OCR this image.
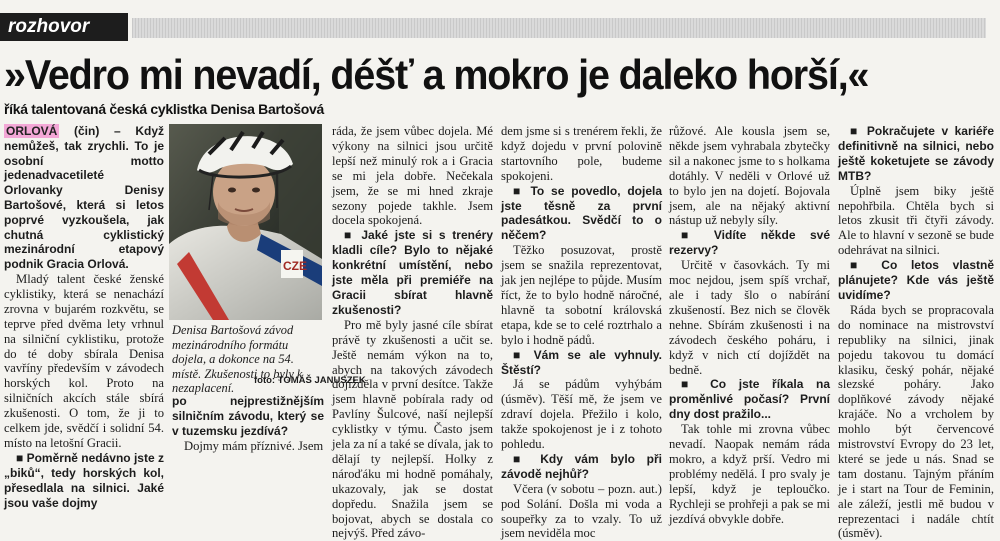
rozhovor
»Vedro mi nevadí, déšť a mokro je daleko horší,«
říká talentovaná česká cyklistka Denisa Bartošová

ORLOVÁ (čin) – Když nemůžeš, tak zrychli. To je osobní motto jedenadvacetileté Orlovanky Denisy Bartošové, která si letos poprvé vyzkoušela, jak chutná cyklistický mezinárodní etapový podnik Gracia Orlová.

Mladý talent české ženské cyklistiky, která se nenachází zrovna v bujarém rozkvětu, se teprve před dvěma lety vrhnul na silniční cyklistiku, protože do té doby sbírala Denisa vavříny především v závodech horských kol. Proto na silničních akcích stále sbírá zkušenosti. O tom, že ji to celkem jde, svědčí i solidní 54. místo na letošní Gracii.

■ Poměrně nedávno jste z „biků“, tedy horských kol, přesedlala na silnici. Jaké jsou vaše dojmy

CZE
Denisa Bartošová závod mezinárodního formátu dojela, a dokonce na 54. místě. Zkušenosti to byly k nezaplacení.
foto: TOMÁŠ JANUSZEK

po nejprestižnějším silničním závodu, který se v tuzemsku jezdívá?

Dojmy mám příznivé. Jsem

ráda, že jsem vůbec dojela. Mé výkony na silnici jsou určitě lepší než minulý rok a i Gracia se mi jela dobře. Nečekala jsem, že se mi hned zkraje sezony pojede takhle. Jsem docela spokojená.

■ Jaké jste si s trenéry kladli cíle? Bylo to nějaké konkrétní umístění, nebo jste měla při premiéře na Gracii sbírat hlavně zkušenosti?

Pro mě byly jasné cíle sbírat právě ty zkušenosti a učit se. Ještě nemám výkon na to, abych na takových závodech dojížděla v první desítce. Takže jsem hlavně pobírala rady od Pavlíny Šulcové, naší nejlepší cyklistky v týmu. Často jsem jela za ní a také se dívala, jak to dělají ty nejlepší. Holky z nároďáku mi hodně pomáhaly, ukazovaly, jak se dostat dopředu. Snažila jsem se bojovat, abych se dostala co nejvýš. Před závo-

dem jsme si s trenérem řekli, že když dojedu v první polovině startovního pole, budeme spokojeni.

■ To se povedlo, dojela jste těsně za první padesátkou. Svědčí to o něčem?

Těžko posuzovat, prostě jsem se snažila reprezentovat, jak jen nejlépe to půjde. Musím říct, že to bylo hodně náročné, hlavně ta sobotní královská etapa, kde se to celé roztrhalo a bylo i hodně pádů.

■ Vám se ale vyhnuly. Štěstí?

Já se pádům vyhýbám (úsměv). Těší mě, že jsem ve zdraví dojela. Přežilo i kolo, takže spokojenost je i z tohoto pohledu.

■ Kdy vám bylo při závodě nejhůř?

Včera (v sobotu – pozn. aut.) pod Solání. Došla mi voda a soupeřky za to vzaly. To už jsem neviděla moc

růžové. Ale kousla jsem se, někde jsem vyhrabala zbytečky sil a nakonec jsme to s holkama dotáhly. V neděli v Orlové už to bylo jen na dojetí. Bojovala jsem, ale na nějaký aktivní nástup už nebyly síly.

■ Vidíte někde své rezervy?

Určitě v časovkách. Ty mi moc nejdou, jsem spíš vrchař, ale i tady šlo o nabírání zkušeností. Bez nich se člověk nehne. Sbírám zkušenosti i na závodech českého poháru, i když v nich ctí dojíždět na bedně.

■ Co jste říkala na proměnlivé počasí? První dny dost pražilo...

Tak tohle mi zrovna vůbec nevadí. Naopak nemám ráda mokro, a když prší. Vedro mi problémy nedělá. I pro svaly je lepší, když je teploučko. Rychleji se prohřeji a pak se mi jezdívá obvykle dobře.

■ Pokračujete v kariéře definitivně na silnici, nebo ještě koketujete se závody MTB?

Úplně jsem biky ještě nepohřbila. Chtěla bych si letos zkusit tři čtyři závody. Ale to hlavní v sezoně se bude odehrávat na silnici.

■ Co letos vlastně plánujete? Kde vás ještě uvidíme?

Ráda bych se propracovala do nominace na mistrovství republiky na silnici, jinak pojedu takovou tu domácí klasiku, český pohár, nějaké slezské poháry. Jako doplňkové závody nějaké krajáče. No a vrcholem by mohlo být červencové mistrovství Evropy do 23 let, které se jede u nás. Snad se tam dostanu. Tajným přáním je i start na Tour de Feminin, ale záleží, jestli mě budou v reprezentaci i nadále chtít (úsměv).
